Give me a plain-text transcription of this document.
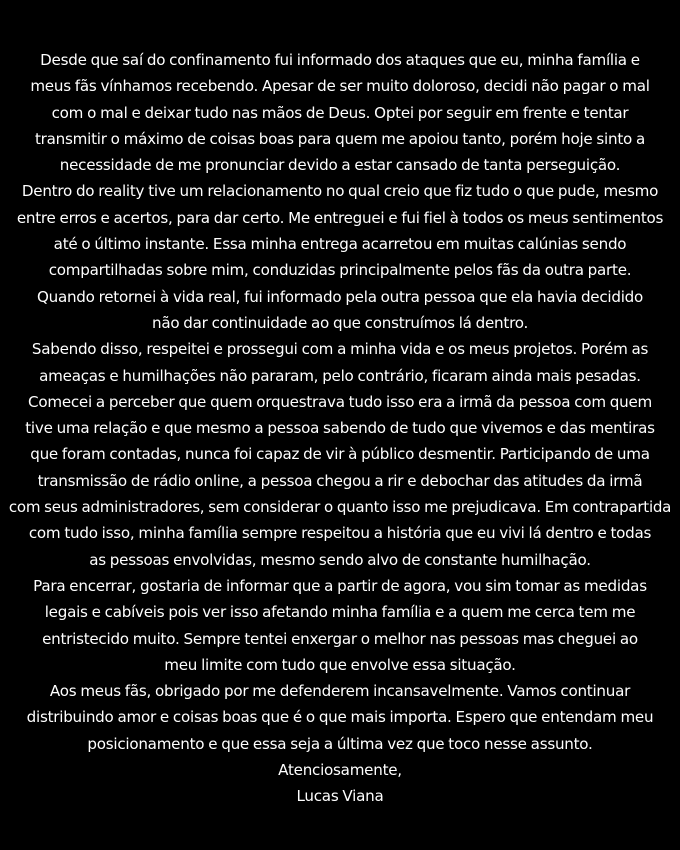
Desde que saí do confinamento fui informado dos ataques que eu, minha família e
meus fãs vínhamos recebendo. Apesar de ser muito doloroso, decidi não pagar o mal
com o mal e deixar tudo nas mãos de Deus. Optei por seguir em frente e tentar
transmitir o máximo de coisas boas para quem me apoiou tanto, porém hoje sinto a
necessidade de me pronunciar devido a estar cansado de tanta perseguição.
Dentro do reality tive um relacionamento no qual creio que fiz tudo o que pude, mesmo
entre erros e acertos, para dar certo. Me entreguei e fui fiel à todos os meus sentimentos
até o último instante. Essa minha entrega acarretou em muitas calúnias sendo
compartilhadas sobre mim, conduzidas principalmente pelos fãs da outra parte.
Quando retornei à vida real, fui informado pela outra pessoa que ela havia decidido
não dar continuidade ao que construímos lá dentro.
Sabendo disso, respeitei e prossegui com a minha vida e os meus projetos. Porém as
ameaças e humilhações não pararam, pelo contrário, ficaram ainda mais pesadas.
Comecei a perceber que quem orquestrava tudo isso era a irmã da pessoa com quem
tive uma relação e que mesmo a pessoa sabendo de tudo que vivemos e das mentiras
que foram contadas, nunca foi capaz de vir à público desmentir. Participando de uma
transmissão de rádio online, a pessoa chegou a rir e debochar das atitudes da irmã
com seus administradores, sem considerar o quanto isso me prejudicava. Em contrapartida
com tudo isso, minha família sempre respeitou a história que eu vivi lá dentro e todas
as pessoas envolvidas, mesmo sendo alvo de constante humilhação.
Para encerrar, gostaria de informar que a partir de agora, vou sim tomar as medidas
legais e cabíveis pois ver isso afetando minha família e a quem me cerca tem me
entristecido muito. Sempre tentei enxergar o melhor nas pessoas mas cheguei ao
meu limite com tudo que envolve essa situação.
Aos meus fãs, obrigado por me defenderem incansavelmente. Vamos continuar
distribuindo amor e coisas boas que é o que mais importa. Espero que entendam meu
posicionamento e que essa seja a última vez que toco nesse assunto.
Atenciosamente,
Lucas Viana
